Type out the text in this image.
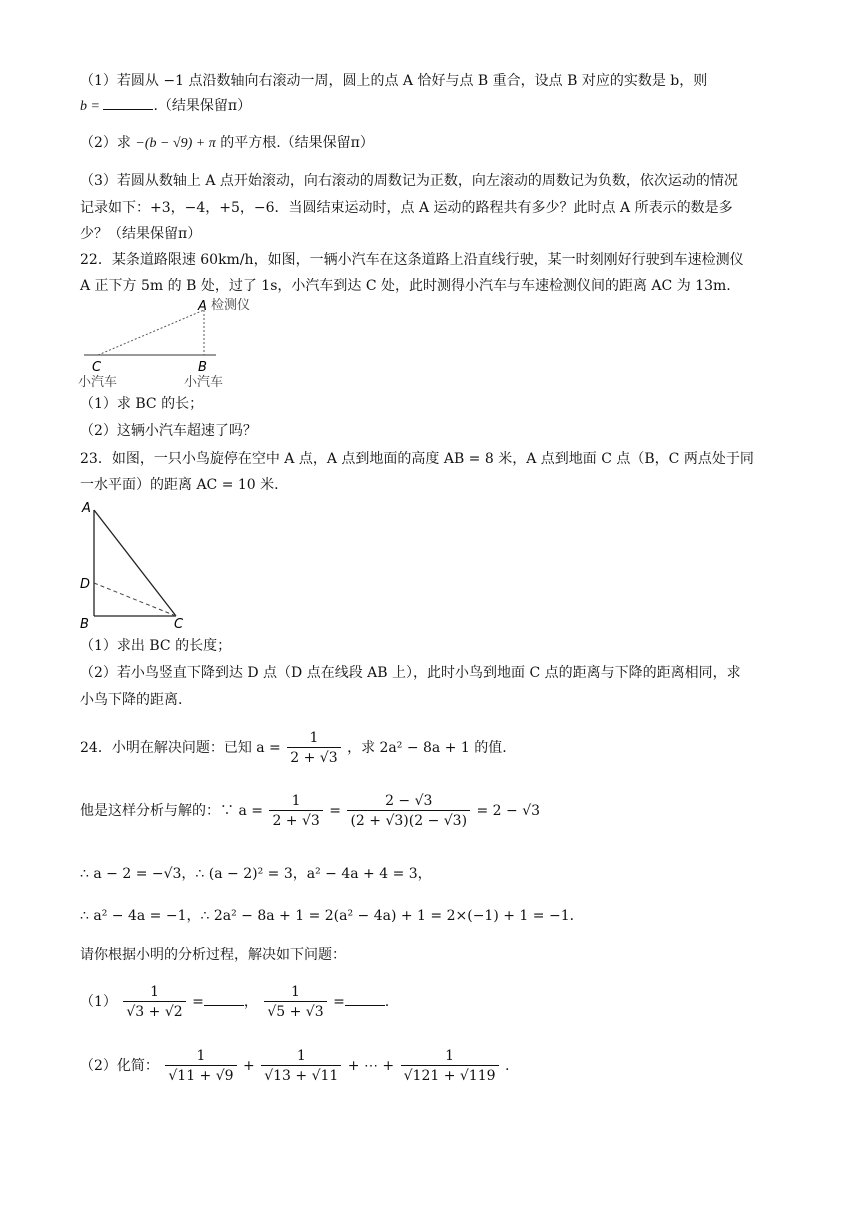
（1）若圆从 −1 点沿数轴向右滚动一周，圆上的点 A 恰好与点 B 重合，设点 B 对应的实数是 b，则
b =	.（结果保留π）
（2）求 −(b − √9) + π 的平方根.（结果保留π）
（3）若圆从数轴上 A 点开始滚动，向右滚动的周数记为正数，向左滚动的周数记为负数，依次运动的情况
记录如下：+3，−4，+5，−6．当圆结束运动时，点 A 运动的路程共有多少？此时点 A 所表示的数是多
少？（结果保留π）
22．某条道路限速 60km/h，如图，一辆小汽车在这条道路上沿直线行驶，某一时刻刚好行驶到车速检测仪
A 正下方 5m 的 B 处，过了 1s，小汽车到达 C 处，此时测得小汽车与车速检测仪间的距离 AC 为 13m.
A 检测仪
C	B
小汽车	小汽车
（1）求 BC 的长；
（2）这辆小汽车超速了吗？
23．如图，一只小鸟旋停在空中 A 点，A 点到地面的高度 AB = 8 米，A 点到地面 C 点（B，C 两点处于同
一水平面）的距离 AC = 10 米.
A
D
B	C
（1）求出 BC 的长度；
（2）若小鸟竖直下降到达 D 点（D 点在线段 AB 上），此时小鸟到地面 C 点的距离与下降的距离相同，求
小鸟下降的距离.
24．小明在解决问题：已知 $a = \frac{1}{2 + √3}$ ，求 2a² − 8a + 1 的值.
他是这样分析与解的：∵ $a = \frac{1}{2 + √3} = \frac{2 - √3}{(2 + √3)(2 - √3)} = 2 - √3$
∴ a − 2 = −√3，∴ (a − 2)² = 3，a² − 4a + 4 = 3，
∴ a² − 4a = −1，∴ 2a² − 8a + 1 = 2(a² − 4a) + 1 = 2×(−1) + 1 = −1．
请你根据小明的分析过程，解决如下问题：
$(1) \frac{1}{√3 + √2}$ =	， $\frac{1}{√5 + √3}$ =	.
（2）化简： $\frac{1}{√11 + √9} + \frac{1}{√13 + √11}$ + ⋯ + $\frac{1}{√121 + √119}$ .
